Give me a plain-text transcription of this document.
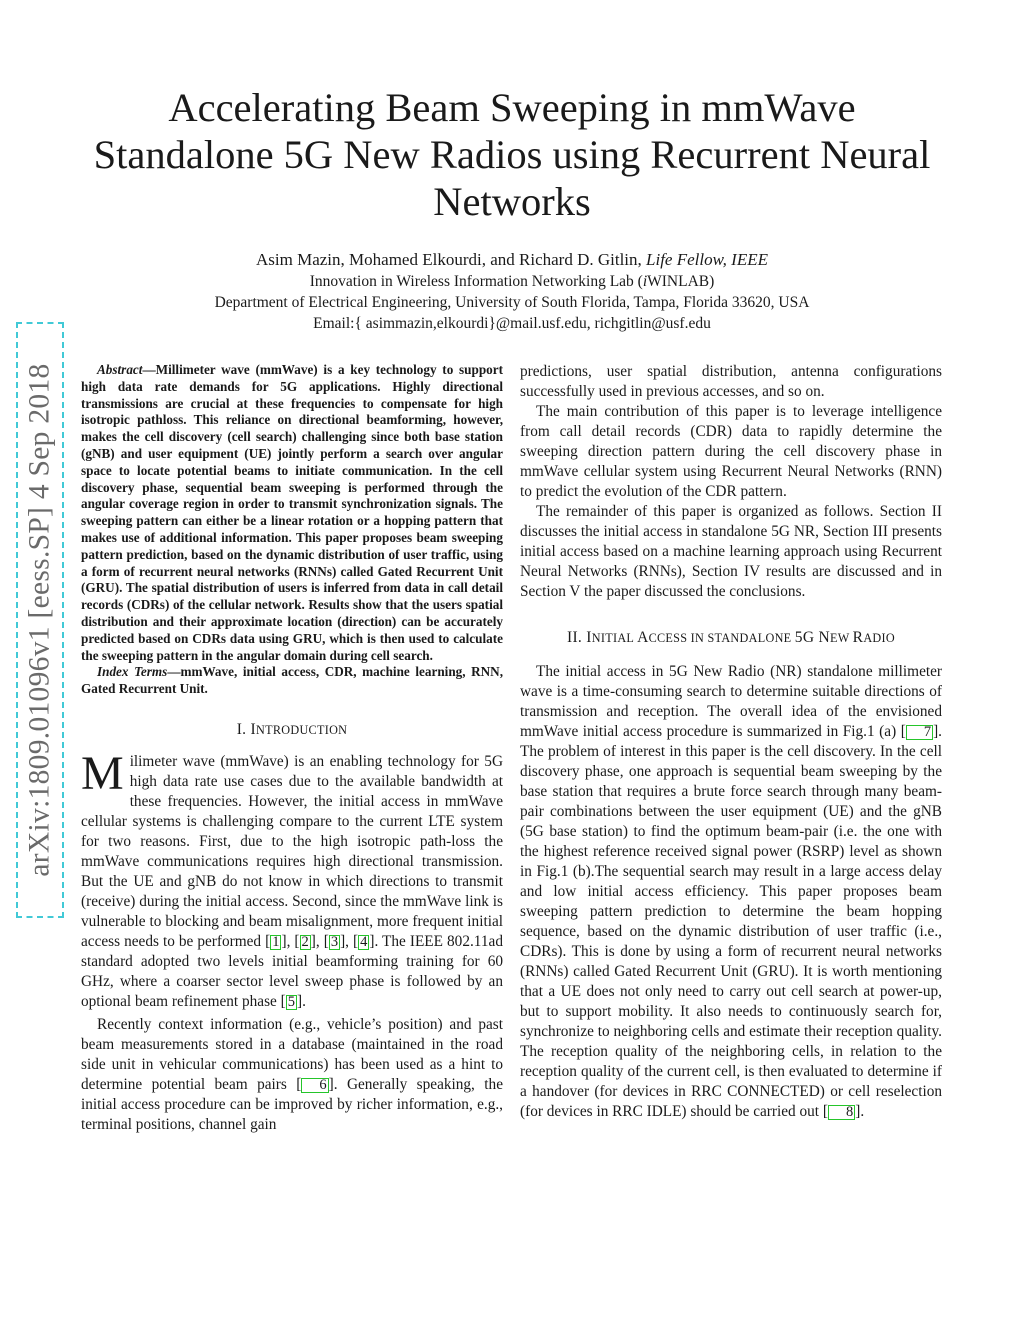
arXiv:1809.01096v1 [eess.SP] 4 Sep 2018
Accelerating Beam Sweeping in mmWave
Standalone 5G New Radios using Recurrent Neural
Networks
Asim Mazin, Mohamed Elkourdi, and Richard D. Gitlin, Life Fellow, IEEE
Innovation in Wireless Information Networking Lab (iWINLAB)
Department of Electrical Engineering, University of South Florida, Tampa, Florida 33620, USA
Email:{ asimmazin,elkourdi}@mail.usf.edu, richgitlin@usf.edu

Abstract—Millimeter wave (mmWave) is a key technology to support high data rate demands for 5G applications. Highly directional transmissions are crucial at these frequencies to compensate for high isotropic pathloss. This reliance on directional beamforming, however, makes the cell discovery (cell search) challenging since both base station (gNB) and user equipment (UE) jointly perform a search over angular space to locate potential beams to initiate communication. In the cell discovery phase, sequential beam sweeping is performed through the angular coverage region in order to transmit synchronization signals. The sweeping pattern can either be a linear rotation or a hopping pattern that makes use of additional information. This paper proposes beam sweeping pattern prediction, based on the dynamic distribution of user traffic, using a form of recurrent neural networks (RNNs) called Gated Recurrent Unit (GRU). The spatial distribution of users is inferred from data in call detail records (CDRs) of the cellular network. Results show that the users spatial distribution and their approximate location (direction) can be accurately predicted based on CDRs data using GRU, which is then used to calculate the sweeping pattern in the angular domain during cell search.

Index Terms—mmWave, initial access, CDR, machine learning, RNN, Gated Recurrent Unit.

I. INTRODUCTION

Milimeter wave (mmWave) is an enabling technology for 5G high data rate use cases due to the available bandwidth at these frequencies. However, the initial access in mmWave cellular systems is challenging compare to the current LTE system for two reasons. First, due to the high isotropic path-loss the mmWave communications requires high directional transmission. But the UE and gNB do not know in which directions to transmit (receive) during the initial access. Second, since the mmWave link is vulnerable to blocking and beam misalignment, more frequent initial access needs to be performed [ 1 ], [ 2 ], [ 3 ], [ 4 ]. The IEEE 802.11ad standard adopted two levels initial beamforming training for 60 GHz, where a coarser sector level sweep phase is followed by an optional beam refinement phase [ 5 ].

Recently context information (e.g., vehicle’s position) and past beam measurements stored in a database (maintained in the road side unit in vehicular communications) has been used as a hint to determine potential beam pairs [ 6 ]. Generally speaking, the initial access procedure can be improved by richer information, e.g., terminal positions, channel gain

predictions, user spatial distribution, antenna configurations successfully used in previous accesses, and so on.

The main contribution of this paper is to leverage intelligence from call detail records (CDR) data to rapidly determine the sweeping direction pattern during the cell discovery phase in mmWave cellular system using Recurrent Neural Networks (RNN) to predict the evolution of the CDR pattern.

The remainder of this paper is organized as follows. Section II discusses the initial access in standalone 5G NR, Section III presents initial access based on a machine learning approach using Recurrent Neural Networks (RNNs), Section IV results are discussed and in Section V the paper discussed the conclusions.

II. INITIAL ACCESS IN STANDALONE 5G NEW RADIO

The initial access in 5G New Radio (NR) standalone millimeter wave is a time-consuming search to determine suitable directions of transmission and reception. The overall idea of the envisioned mmWave initial access procedure is summarized in Fig.1 (a) [ 7 ]. The problem of interest in this paper is the cell discovery. In the cell discovery phase, one approach is sequential beam sweeping by the base station that requires a brute force search through many beam-pair combinations between the user equipment (UE) and the gNB (5G base station) to find the optimum beam-pair (i.e. the one with the highest reference received signal power (RSRP) level as shown in Fig.1 (b).The sequential search may result in a large access delay and low initial access efficiency. This paper proposes beam sweeping pattern prediction to determine the beam hopping sequence, based on the dynamic distribution of user traffic (i.e., CDRs). This is done by using a form of recurrent neural networks (RNNs) called Gated Recurrent Unit (GRU). It is worth mentioning that a UE does not only need to carry out cell search at power-up, but to support mobility. It also needs to continuously search for, synchronize to neighboring cells and estimate their reception quality. The reception quality of the neighboring cells, in relation to the reception quality of the current cell, is then evaluated to determine if a handover (for devices in RRC CONNECTED) or cell reselection (for devices in RRC IDLE) should be carried out [ 8 ].
